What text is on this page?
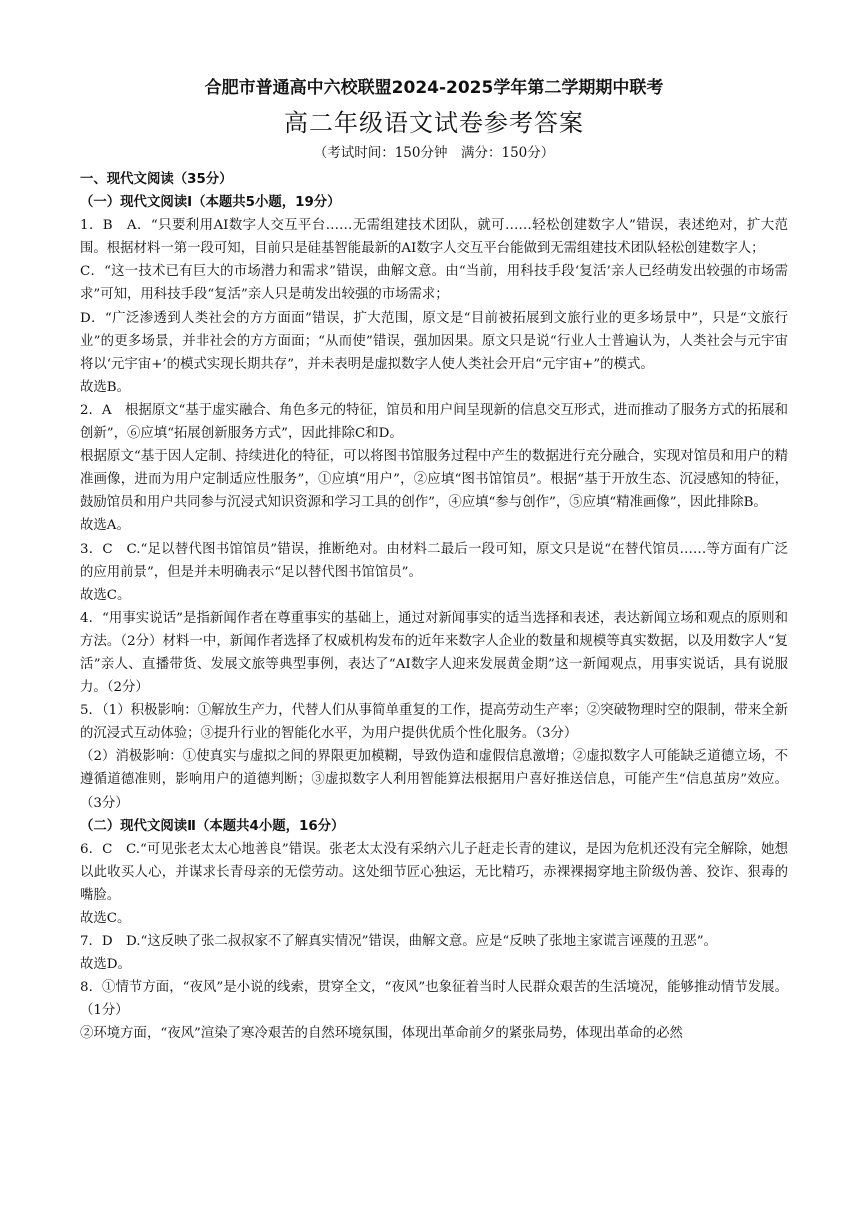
合肥市普通高中六校联盟2024-2025学年第二学期期中联考

高二年级语文试卷参考答案

（考试时间：150分钟　满分：150分）

一、现代文阅读（35分）

（一）现代文阅读Ⅰ（本题共5小题，19分）

1．B　A．“只要利用AI数字人交互平台……无需组建技术团队，就可……轻松创建数字人”错误，表述绝对，扩大范围。根据材料一第一段可知，目前只是硅基智能最新的AI数字人交互平台能做到无需组建技术团队轻松创建数字人；

C．“这一技术已有巨大的市场潜力和需求”错误，曲解文意。由“当前，用科技手段‘复活’亲人已经萌发出较强的市场需求”可知，用科技手段“复活”亲人只是萌发出较强的市场需求；

D．“广泛渗透到人类社会的方方面面”错误，扩大范围，原文是“目前被拓展到文旅行业的更多场景中”，只是“文旅行业”的更多场景，并非社会的方方面面；“从而使”错误，强加因果。原文只是说“行业人士普遍认为，人类社会与元宇宙将以‘元宇宙+’的模式实现长期共存”，并未表明是虚拟数字人使人类社会开启“元宇宙+”的模式。

故选B。

2．A　根据原文“基于虚实融合、角色多元的特征，馆员和用户间呈现新的信息交互形式，进而推动了服务方式的拓展和创新”，⑥应填“拓展创新服务方式”，因此排除C和D。

根据原文“基于因人定制、持续进化的特征，可以将图书馆服务过程中产生的数据进行充分融合，实现对馆员和用户的精准画像，进而为用户定制适应性服务”，①应填“用户”，②应填“图书馆馆员”。根据“基于开放生态、沉浸感知的特征，鼓励馆员和用户共同参与沉浸式知识资源和学习工具的创作”，④应填“参与创作”，⑤应填“精准画像”，因此排除B。

故选A。

3．C　C.“足以替代图书馆馆员”错误，推断绝对。由材料二最后一段可知，原文只是说“在替代馆员……等方面有广泛的应用前景”，但是并未明确表示“足以替代图书馆馆员”。

故选C。

4．“用事实说话”是指新闻作者在尊重事实的基础上，通过对新闻事实的适当选择和表述，表达新闻立场和观点的原则和方法。（2分）材料一中，新闻作者选择了权威机构发布的近年来数字人企业的数量和规模等真实数据，以及用数字人“复活”亲人、直播带货、发展文旅等典型事例，表达了“AI数字人迎来发展黄金期”这一新闻观点，用事实说话，具有说服力。（2分）

5．（1）积极影响：①解放生产力，代替人们从事简单重复的工作，提高劳动生产率；②突破物理时空的限制，带来全新的沉浸式互动体验；③提升行业的智能化水平，为用户提供优质个性化服务。（3分）

（2）消极影响：①使真实与虚拟之间的界限更加模糊，导致伪造和虚假信息激增；②虚拟数字人可能缺乏道德立场，不遵循道德准则，影响用户的道德判断；③虚拟数字人利用智能算法根据用户喜好推送信息，可能产生“信息茧房”效应。（3分）

（二）现代文阅读Ⅱ（本题共4小题，16分）

6．C　C.“可见张老太太心地善良”错误。张老太太没有采纳六儿子赶走长青的建议，是因为危机还没有完全解除，她想以此收买人心，并谋求长青母亲的无偿劳动。这处细节匠心独运，无比精巧，赤裸裸揭穿地主阶级伪善、狡诈、狠毒的嘴脸。

故选C。

7．D　D.“这反映了张二叔叔家不了解真实情况”错误，曲解文意。应是“反映了张地主家谎言诬蔑的丑恶”。

故选D。

8．①情节方面，“夜风”是小说的线索，贯穿全文，“夜风”也象征着当时人民群众艰苦的生活境况，能够推动情节发展。（1分）

②环境方面，“夜风”渲染了寒冷艰苦的自然环境氛围，体现出革命前夕的紧张局势，体现出革命的必然
